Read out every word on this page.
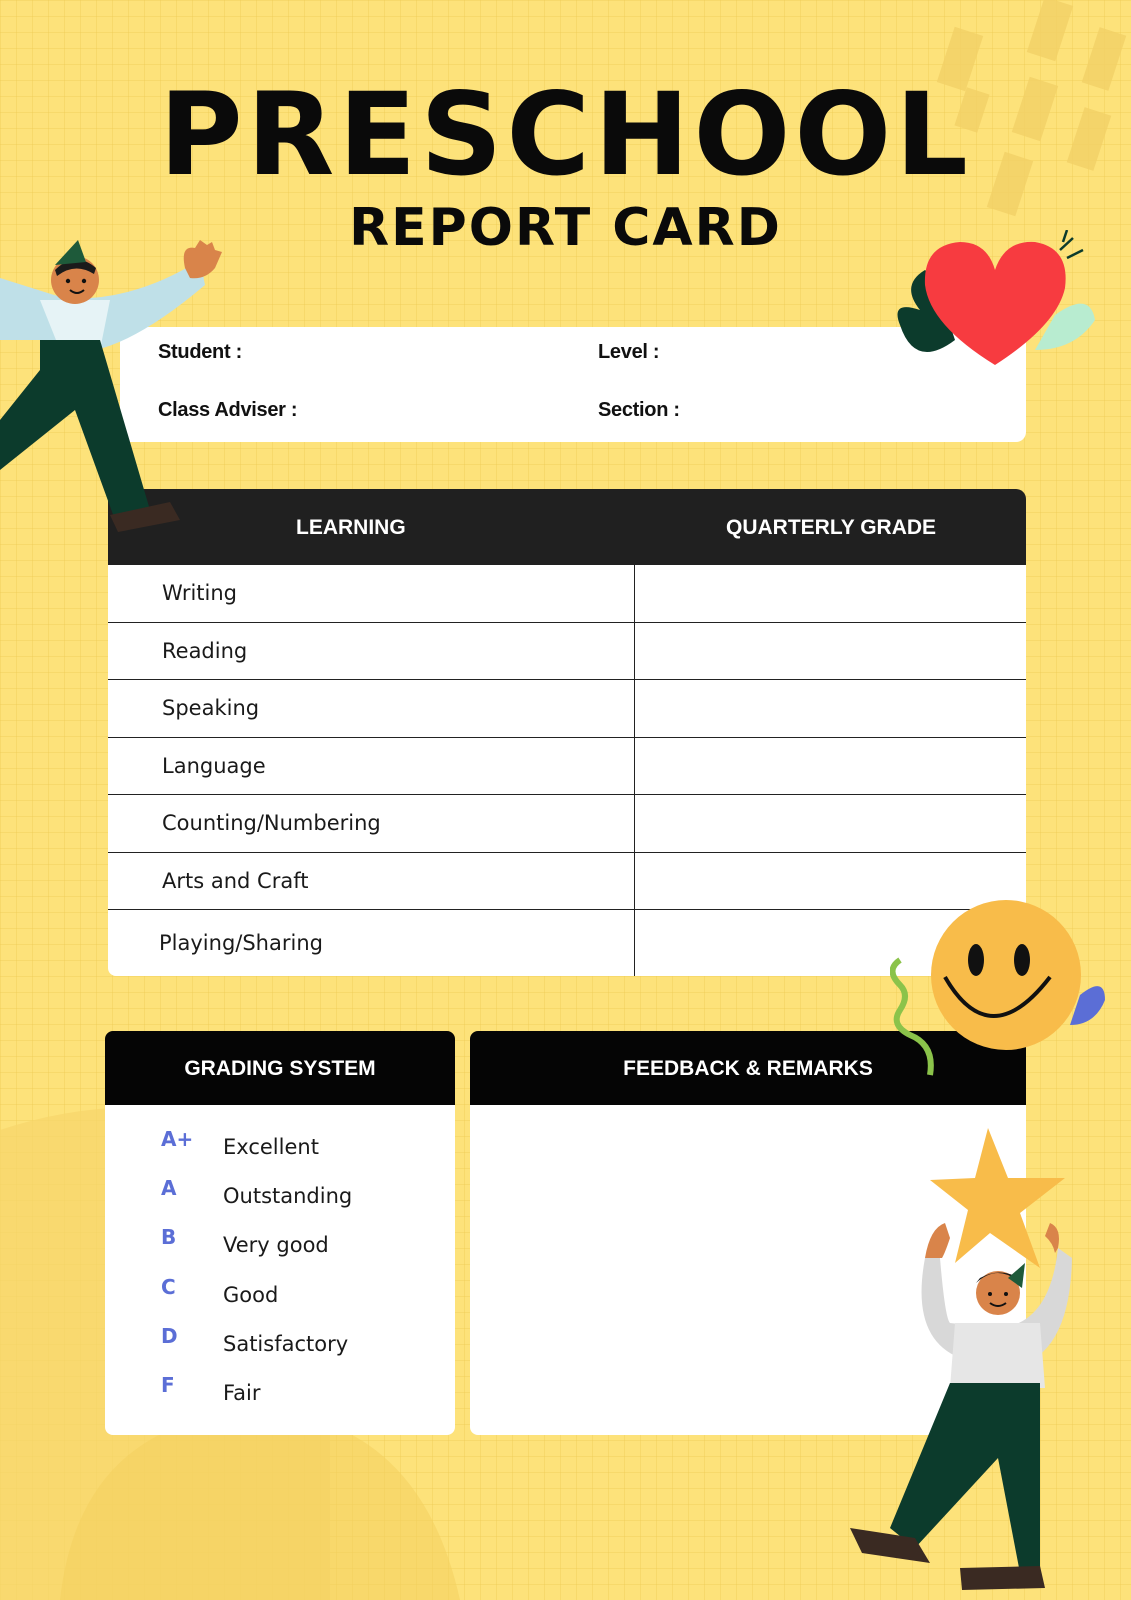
PRESCHOOL
REPORT CARD
Student :	Level :
Class Adviser :	Section :
LEARNING	QUARTERLY GRADE
Writing
Reading
Speaking
Language
Counting/Numbering
Arts and Craft
Playing/Sharing
GRADING SYSTEM
A+ Excellent
A Outstanding
B Very good
C Good
D Satisfactory
F Fair
FEEDBACK & REMARKS
